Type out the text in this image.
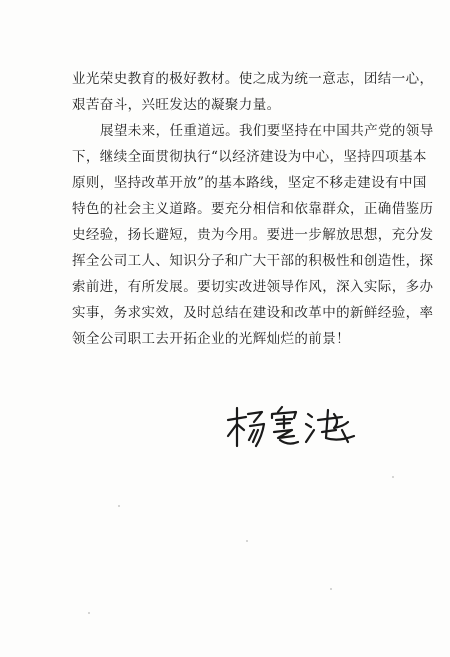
业光荣史教育的极好教材。使之成为统一意志，团结一心，
艰苦奋斗，兴旺发达的凝聚力量。
展望未来，任重道远。我们要坚持在中国共产党的领导
下，继续全面贯彻执行“以经济建设为中心，坚持四项基本
原则，坚持改革开放”的基本路线，坚定不移走建设有中国
特色的社会主义道路。要充分相信和依靠群众，正确借鉴历
史经验，扬长避短，贵为今用。要进一步解放思想，充分发
挥全公司工人、知识分子和广大干部的积极性和创造性，探
索前进，有所发展。要切实改进领导作风，深入实际，多办
实事，务求实效，及时总结在建设和改革中的新鲜经验，率
领全公司职工去开拓企业的光辉灿烂的前景！
